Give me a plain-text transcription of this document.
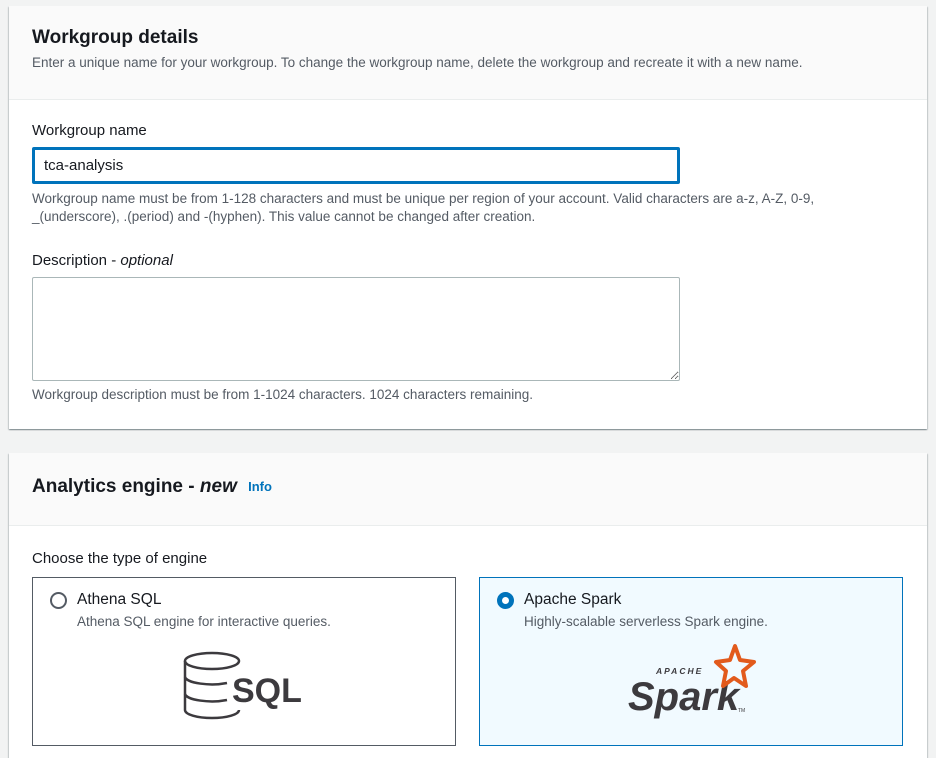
Workgroup details
Enter a unique name for your workgroup. To change the workgroup name, delete the workgroup and recreate it with a new name.
Workgroup name
tca-analysis
Workgroup name must be from 1-128 characters and must be unique per region of your account. Valid characters are a-z, A-Z, 0-9,
_(underscore), .(period) and -(hyphen). This value cannot be changed after creation.
Description - optional
Workgroup description must be from 1-1024 characters. 1024 characters remaining.
Analytics engine - new Info
Choose the type of engine
Athena SQL
Athena SQL engine for interactive queries.
SQL
Apache Spark
Highly-scalable serverless Spark engine.
APACHE
Spark
TM
